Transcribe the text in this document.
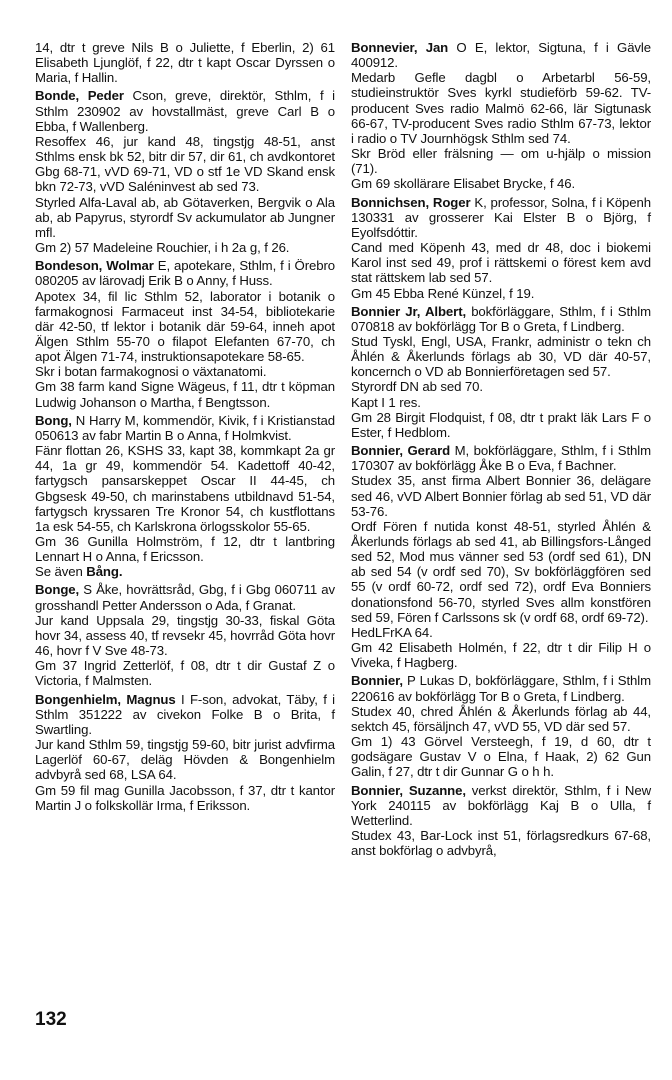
14, dtr t greve Nils B o Juliette, f Eberlin, 2) 61 Elisabeth Ljunglöf, f 22, dtr t kapt Oscar Dyrssen o Maria, f Hallin.

Bonde, Peder Cson, greve, direktör, Sthlm, f i Sthlm 230902 av hovstallmäst, greve Carl B o Ebba, f Wallenberg.

Resoffex 46, jur kand 48, tingstjg 48-51, anst Sthlms ensk bk 52, bitr dir 57, dir 61, ch avdkontoret Gbg 68-71, vVD 69-71, VD o stf 1e VD Skand ensk bkn 72-73, vVD Saléninvest ab sed 73.

Styrled Alfa-Laval ab, ab Götaverken, Bergvik o Ala ab, ab Papyrus, styrordf Sv ackumulator ab Jungner mfl.

Gm 2) 57 Madeleine Rouchier, i h 2a g, f 26.

Bondeson, Wolmar E, apotekare, Sthlm, f i Örebro 080205 av lärovadj Erik B o Anny, f Huss.

Apotex 34, fil lic Sthlm 52, laborator i botanik o farmakognosi Farmaceut inst 34-54, bibliotekarie där 42-50, tf lektor i botanik där 59-64, inneh apot Älgen Sthlm 55-70 o filapot Elefanten 67-70, ch apot Älgen 71-74, instruktionsapotekare 58-65.

Skr i botan farmakognosi o växtanatomi.

Gm 38 farm kand Signe Wägeus, f 11, dtr t köpman Ludwig Johanson o Martha, f Bengtsson.

Bong, N Harry M, kommendör, Kivik, f i Kristianstad 050613 av fabr Martin B o Anna, f Holmkvist.

Fänr flottan 26, KSHS 33, kapt 38, kommkapt 2a gr 44, 1a gr 49, kommendör 54. Kadettoff 40-42, fartygsch pansarskeppet Oscar II 44-45, ch Gbgsesk 49-50, ch marinstabens utbildnavd 51-54, fartygsch kryssaren Tre Kronor 54, ch kustflottans 1a esk 54-55, ch Karlskrona örlogsskolor 55-65.

Gm 36 Gunilla Holmström, f 12, dtr t lantbring Lennart H o Anna, f Ericsson.

Se även Bång.

Bonge, S Åke, hovrättsråd, Gbg, f i Gbg 060711 av grosshandl Petter Andersson o Ada, f Granat.

Jur kand Uppsala 29, tingstjg 30-33, fiskal Göta hovr 34, assess 40, tf revsekr 45, hovrråd Göta hovr 46, hovr f V Sve 48-73.

Gm 37 Ingrid Zetterlöf, f 08, dtr t dir Gustaf Z o Victoria, f Malmsten.

Bongenhielm, Magnus I F-son, advokat, Täby, f i Sthlm 351222 av civekon Folke B o Brita, f Swartling.

Jur kand Sthlm 59, tingstjg 59-60, bitr jurist advfirma Lagerlöf 60-67, deläg Hövden & Bongenhielm advbyrå sed 68, LSA 64.

Gm 59 fil mag Gunilla Jacobsson, f 37, dtr t kantor Martin J o folkskollär Irma, f Eriksson.

Bonnevier, Jan O E, lektor, Sigtuna, f i Gävle 400912.

Medarb Gefle dagbl o Arbetarbl 56-59, studieinstruktör Sves kyrkl studieförb 59-62. TV-producent Sves radio Malmö 62-66, lär Sigtunask 66-67, TV-producent Sves radio Sthlm 67-73, lektor i radio o TV Journhögsk Sthlm sed 74.

Skr Bröd eller frälsning — om u-hjälp o mission (71).

Gm 69 skollärare Elisabet Brycke, f 46.

Bonnichsen, Roger K, professor, Solna, f i Köpenh 130331 av grosserer Kai Elster B o Björg, f Eyolfsdóttir.

Cand med Köpenh 43, med dr 48, doc i biokemi Karol inst sed 49, prof i rättskemi o förest kem avd stat rättskem lab sed 57.

Gm 45 Ebba René Künzel, f 19.

Bonnier Jr, Albert, bokförläggare, Sthlm, f i Sthlm 070818 av bokförlägg Tor B o Greta, f Lindberg.

Stud Tyskl, Engl, USA, Frankr, administr o tekn ch Åhlén & Åkerlunds förlags ab 30, VD där 40-57, koncernch o VD ab Bonnierföretagen sed 57.

Styrordf DN ab sed 70.

Kapt I 1 res.

Gm 28 Birgit Flodquist, f 08, dtr t prakt läk Lars F o Ester, f Hedblom.

Bonnier, Gerard M, bokförläggare, Sthlm, f i Sthlm 170307 av bokförlägg Åke B o Eva, f Bachner.

Studex 35, anst firma Albert Bonnier 36, delägare sed 46, vVD Albert Bonnier förlag ab sed 51, VD där 53-76.

Ordf Fören f nutida konst 48-51, styrled Åhlén & Åkerlunds förlags ab sed 41, ab Billingsfors-Långed sed 52, Mod mus vänner sed 53 (ordf sed 61), DN ab sed 54 (v ordf sed 70), Sv bokförläggfören sed 55 (v ordf 60-72, ordf sed 72), ordf Eva Bonniers donationsfond 56-70, styrled Sves allm konstfören sed 59, Fören f Carlssons sk (v ordf 68, ordf 69-72).

HedLFrKA 64.

Gm 42 Elisabeth Holmén, f 22, dtr t dir Filip H o Viveka, f Hagberg.

Bonnier, P Lukas D, bokförläggare, Sthlm, f i Sthlm 220616 av bokförlägg Tor B o Greta, f Lindberg.

Studex 40, chred Åhlén & Åkerlunds förlag ab 44, sektch 45, försäljnch 47, vVD 55, VD där sed 57.

Gm 1) 43 Görvel Versteegh, f 19, d 60, dtr t godsägare Gustav V o Elna, f Haak, 2) 62 Gun Galin, f 27, dtr t dir Gunnar G o h h.

Bonnier, Suzanne, verkst direktör, Sthlm, f i New York 240115 av bokförlägg Kaj B o Ulla, f Wetterlind.

Studex 43, Bar-Lock inst 51, förlagsredkurs 67-68, anst bokförlag o advbyrå,

132
